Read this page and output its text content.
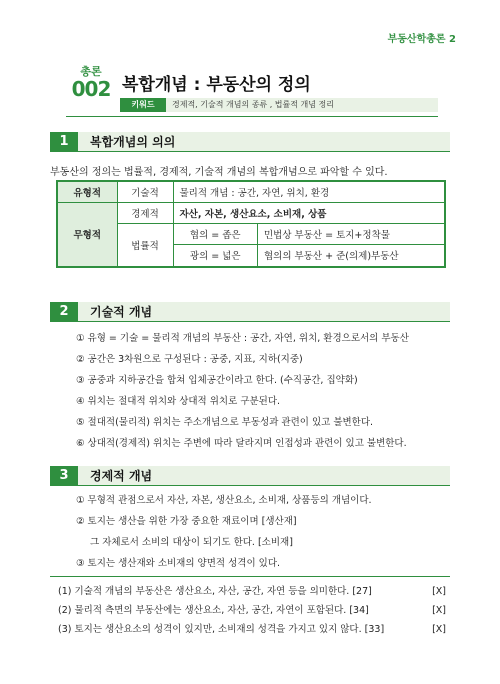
부동산학총론 2
총론
002 복합개념 : 부동산의 정의
키워드	경제적, 기술적 개념의 종류 , 법률적 개념 정리
1	복합개념의 의의
부동산의 정의는 법률적, 경제적, 기술적 개념의 복합개념으로 파악할 수 있다.
유형적	기술적	물리적 개념 : 공간, 자연, 위치, 환경
무형적	경제적	자산, 자본, 생산요소, 소비재, 상품
법률적	
협의 = 좁은	민법상 부동산 = 토지+정착물
광의 = 넓은	협의의 부동산 + 준(의제)부동산
2	기술적 개념
① 유형 = 기술 = 물리적 개념의 부동산 : 공간, 자연, 위치, 환경으로서의 부동산
② 공간은 3차원으로 구성된다 : 공중, 지표, 지하(지중)
③ 공중과 지하공간을 합쳐 입체공간이라고 한다. (수직공간, 집약화)
④ 위치는 절대적 위치와 상대적 위치로 구분된다.
⑤ 절대적(물리적) 위치는 주소개념으로 부동성과 관련이 있고 불변한다.
⑥ 상대적(경제적) 위치는 주변에 따라 달라지며 인접성과 관련이 있고 불변한다.
3	경제적 개념
① 무형적 관점으로서 자산, 자본, 생산요소, 소비재, 상품등의 개념이다.
② 토지는 생산을 위한 가장 중요한 재료이며 [생산재]
그 자체로서 소비의 대상이 되기도 한다. [소비재]
③ 토지는 생산재와 소비재의 양면적 성격이 있다.
(1) 기술적 개념의 부동산은 생산요소, 자산, 공간, 자연 등을 의미한다. [27]	[X]
(2) 물리적 측면의 부동산에는 생산요소, 자산, 공간, 자연이 포함된다. [34]	[X]
(3) 토지는 생산요소의 성격이 있지만, 소비재의 성격을 가지고 있지 않다. [33]	[X]
